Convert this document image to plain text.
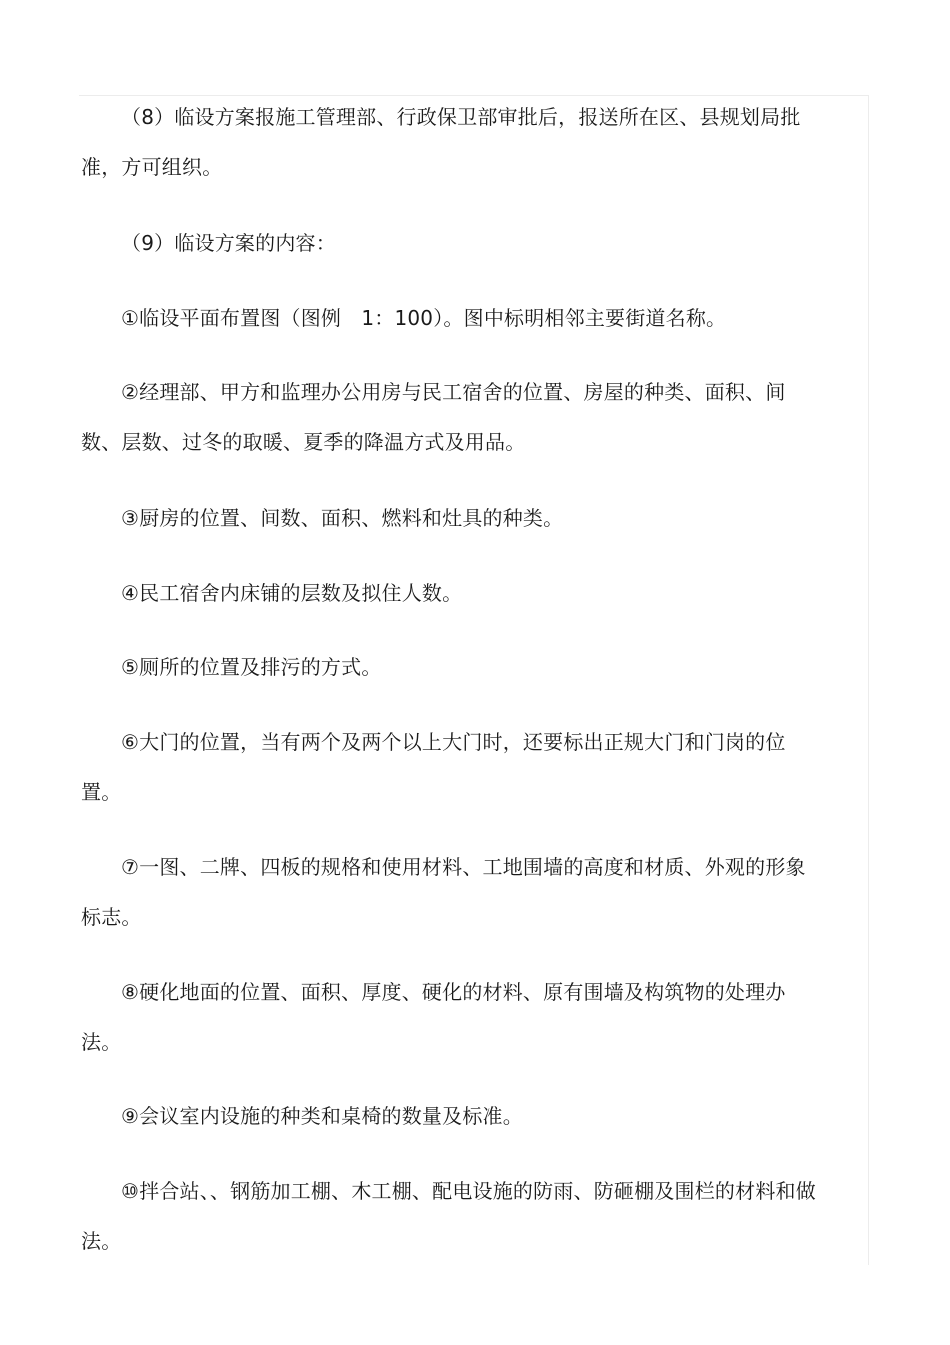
（8）临设方案报施工管理部、行政保卫部审批后，报送所在区、县规划局批准，方可组织。

（9）临设方案的内容：

①临设平面布置图（图例　1：100）。图中标明相邻主要街道名称。

②经理部、甲方和监理办公用房与民工宿舍的位置、房屋的种类、面积、间数、层数、过冬的取暖、夏季的降温方式及用品。

③厨房的位置、间数、面积、燃料和灶具的种类。

④民工宿舍内床铺的层数及拟住人数。

⑤厕所的位置及排污的方式。

⑥大门的位置，当有两个及两个以上大门时，还要标出正规大门和门岗的位置。

⑦一图、二牌、四板的规格和使用材料、工地围墙的高度和材质、外观的形象标志。

⑧硬化地面的位置、面积、厚度、硬化的材料、原有围墙及构筑物的处理办法。

⑨会议室内设施的种类和桌椅的数量及标准。

⑩拌合站、、钢筋加工棚、木工棚、配电设施的防雨、防砸棚及围栏的材料和做法。
